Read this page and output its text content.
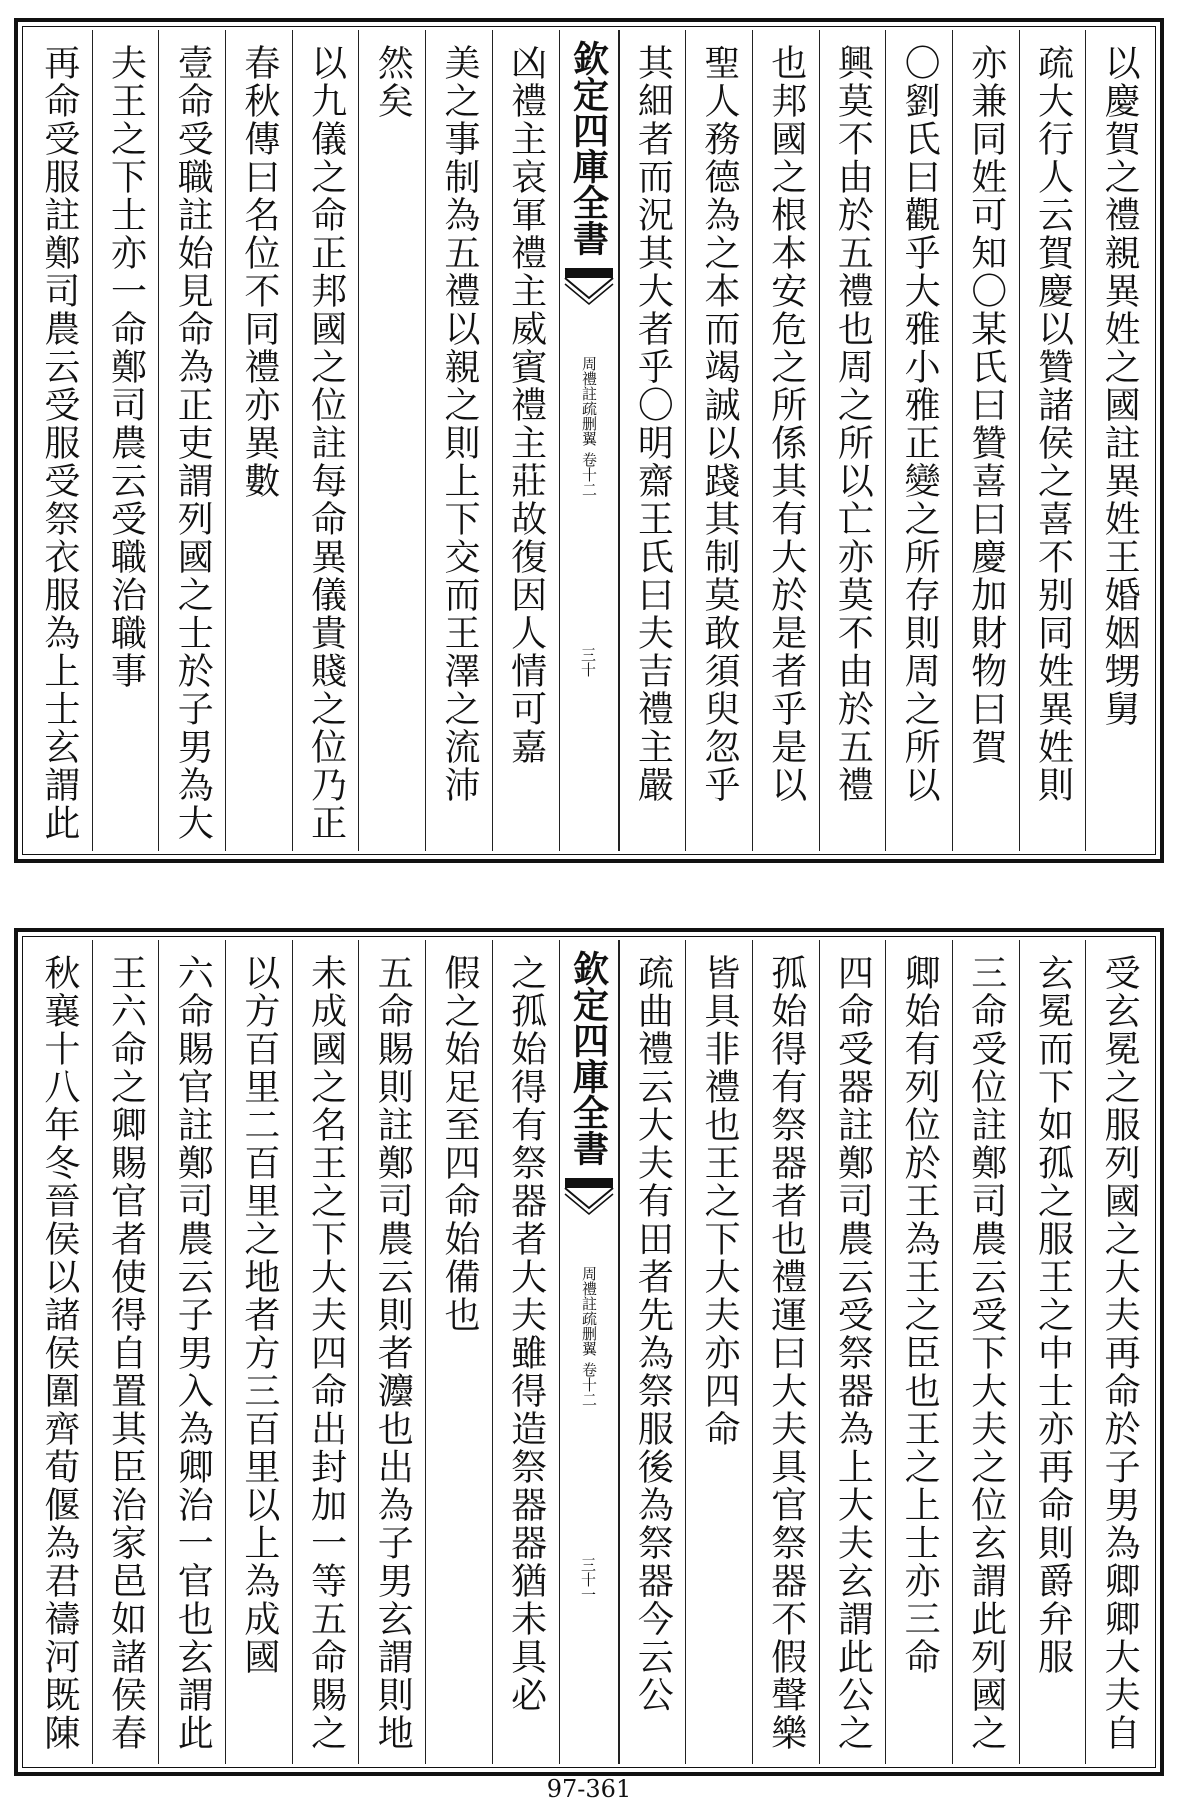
以慶賀之禮親異姓之國註異姓王婚姻甥舅
疏大行人云賀慶以贊諸侯之喜不别同姓異姓則
亦兼同姓可知〇某氏曰贊喜曰慶加財物曰賀
〇劉氏曰觀乎大雅小雅正變之所存則周之所以
興莫不由於五禮也周之所以亡亦莫不由於五禮
也邦國之根本安危之所係其有大於是者乎是以
聖人務德為之本而竭誠以踐其制莫敢須臾忽乎
其細者而況其大者乎〇明齋王氏曰夫吉禮主嚴
欽定四庫全書
周禮註疏删翼
卷十二
三十
凶禮主哀軍禮主威賓禮主莊故復因人情可嘉
美之事制為五禮以親之則上下交而王澤之流沛
然矣
以九儀之命正邦國之位註每命異儀貴賤之位乃正
春秋傳曰名位不同禮亦異數
壹命受職註始見命為正吏謂列國之士於子男為大
夫王之下士亦一命鄭司農云受職治職事
再命受服註鄭司農云受服受祭衣服為上士玄謂此
受玄冕之服列國之大夫再命於子男為卿卿大夫自
玄冕而下如孤之服王之中士亦再命則爵弁服
三命受位註鄭司農云受下大夫之位玄謂此列國之
卿始有列位於王為王之臣也王之上士亦三命
四命受器註鄭司農云受祭器為上大夫玄謂此公之
孤始得有祭器者也禮運曰大夫具官祭器不假聲樂
皆具非禮也王之下大夫亦四命
疏曲禮云大夫有田者先為祭服後為祭器今云公
欽定四庫全書
周禮註疏删翼
卷十二
三十一
之孤始得有祭器者大夫雖得造祭器器猶未具必
假之始足至四命始備也
五命賜則註鄭司農云則者灋也出為子男玄謂則地
未成國之名王之下大夫四命出封加一等五命賜之
以方百里二百里之地者方三百里以上為成國
六命賜官註鄭司農云子男入為卿治一官也玄謂此
王六命之卿賜官者使得自置其臣治家邑如諸侯春
秋襄十八年冬晉侯以諸侯圍齊荀偃為君禱河既陳
97-361
